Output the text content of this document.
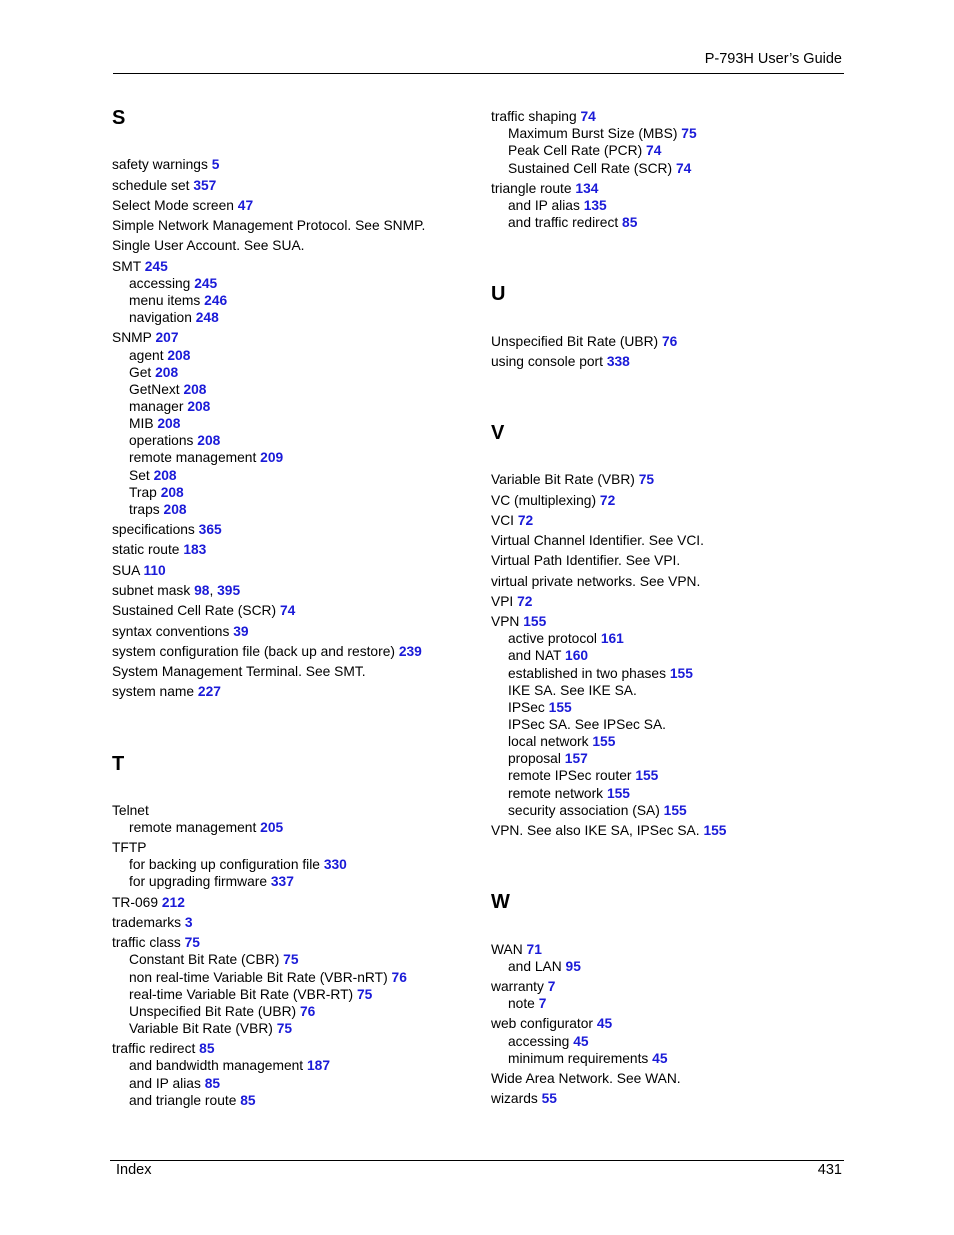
P-793H User’s Guide
S
safety warnings 5
schedule set 357
Select Mode screen 47
Simple Network Management Protocol. See SNMP.
Single User Account. See SUA.
SMT 245
accessing 245
menu items 246
navigation 248
SNMP 207
agent 208
Get 208
GetNext 208
manager 208
MIB 208
operations 208
remote management 209
Set 208
Trap 208
traps 208
specifications 365
static route 183
SUA 110
subnet mask 98, 395
Sustained Cell Rate (SCR) 74
syntax conventions 39
system configuration file (back up and restore) 239
System Management Terminal. See SMT.
system name 227
T
Telnet
remote management 205
TFTP
for backing up configuration file 330
for upgrading firmware 337
TR-069 212
trademarks 3
traffic class 75
Constant Bit Rate (CBR) 75
non real-time Variable Bit Rate (VBR-nRT) 76
real-time Variable Bit Rate (VBR-RT) 75
Unspecified Bit Rate (UBR) 76
Variable Bit Rate (VBR) 75
traffic redirect 85
and bandwidth management 187
and IP alias 85
and triangle route 85
traffic shaping 74
Maximum Burst Size (MBS) 75
Peak Cell Rate (PCR) 74
Sustained Cell Rate (SCR) 74
triangle route 134
and IP alias 135
and traffic redirect 85
U
Unspecified Bit Rate (UBR) 76
using console port 338
V
Variable Bit Rate (VBR) 75
VC (multiplexing) 72
VCI 72
Virtual Channel Identifier. See VCI.
Virtual Path Identifier. See VPI.
virtual private networks. See VPN.
VPI 72
VPN 155
active protocol 161
and NAT 160
established in two phases 155
IKE SA. See IKE SA.
IPSec 155
IPSec SA. See IPSec SA.
local network 155
proposal 157
remote IPSec router 155
remote network 155
security association (SA) 155
VPN. See also IKE SA, IPSec SA. 155
W
WAN 71
and LAN 95
warranty 7
note 7
web configurator 45
accessing 45
minimum requirements 45
Wide Area Network. See WAN.
wizards 55
Index	431
